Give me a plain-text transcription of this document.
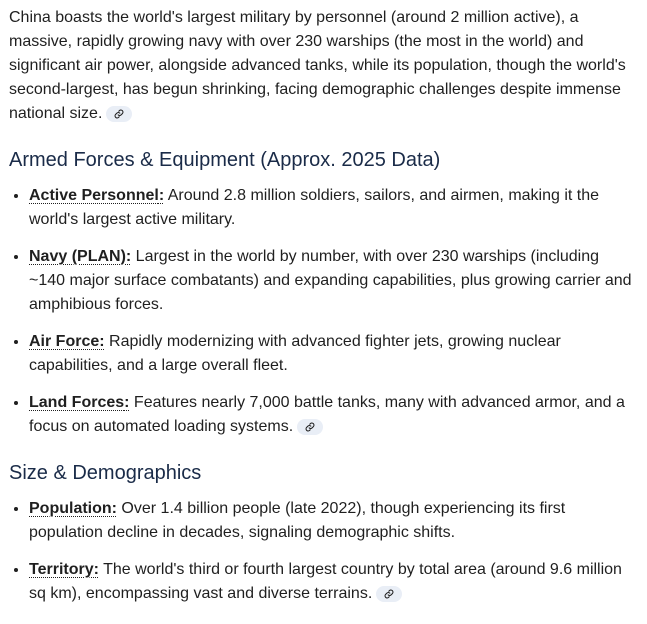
China boasts the world's largest military by personnel (around 2 million active), a massive, rapidly growing navy with over 230 warships (the most in the world) and significant air power, alongside advanced tanks, while its population, though the world's second-largest, has begun shrinking, facing demographic challenges despite immense national size.

Armed Forces & Equipment (Approx. 2025 Data)
• Active Personnel: Around 2.8 million soldiers, sailors, and airmen, making it the world's largest active military.
• Navy (PLAN): Largest in the world by number, with over 230 warships (including ~140 major surface combatants) and expanding capabilities, plus growing carrier and amphibious forces.
• Air Force: Rapidly modernizing with advanced fighter jets, growing nuclear capabilities, and a large overall fleet.
• Land Forces: Features nearly 7,000 battle tanks, many with advanced armor, and a focus on automated loading systems.
Size & Demographics
• Population: Over 1.4 billion people (late 2022), though experiencing its first population decline in decades, signaling demographic shifts.
• Territory: The world's third or fourth largest country by total area (around 9.6 million sq km), encompassing vast and diverse terrains.
